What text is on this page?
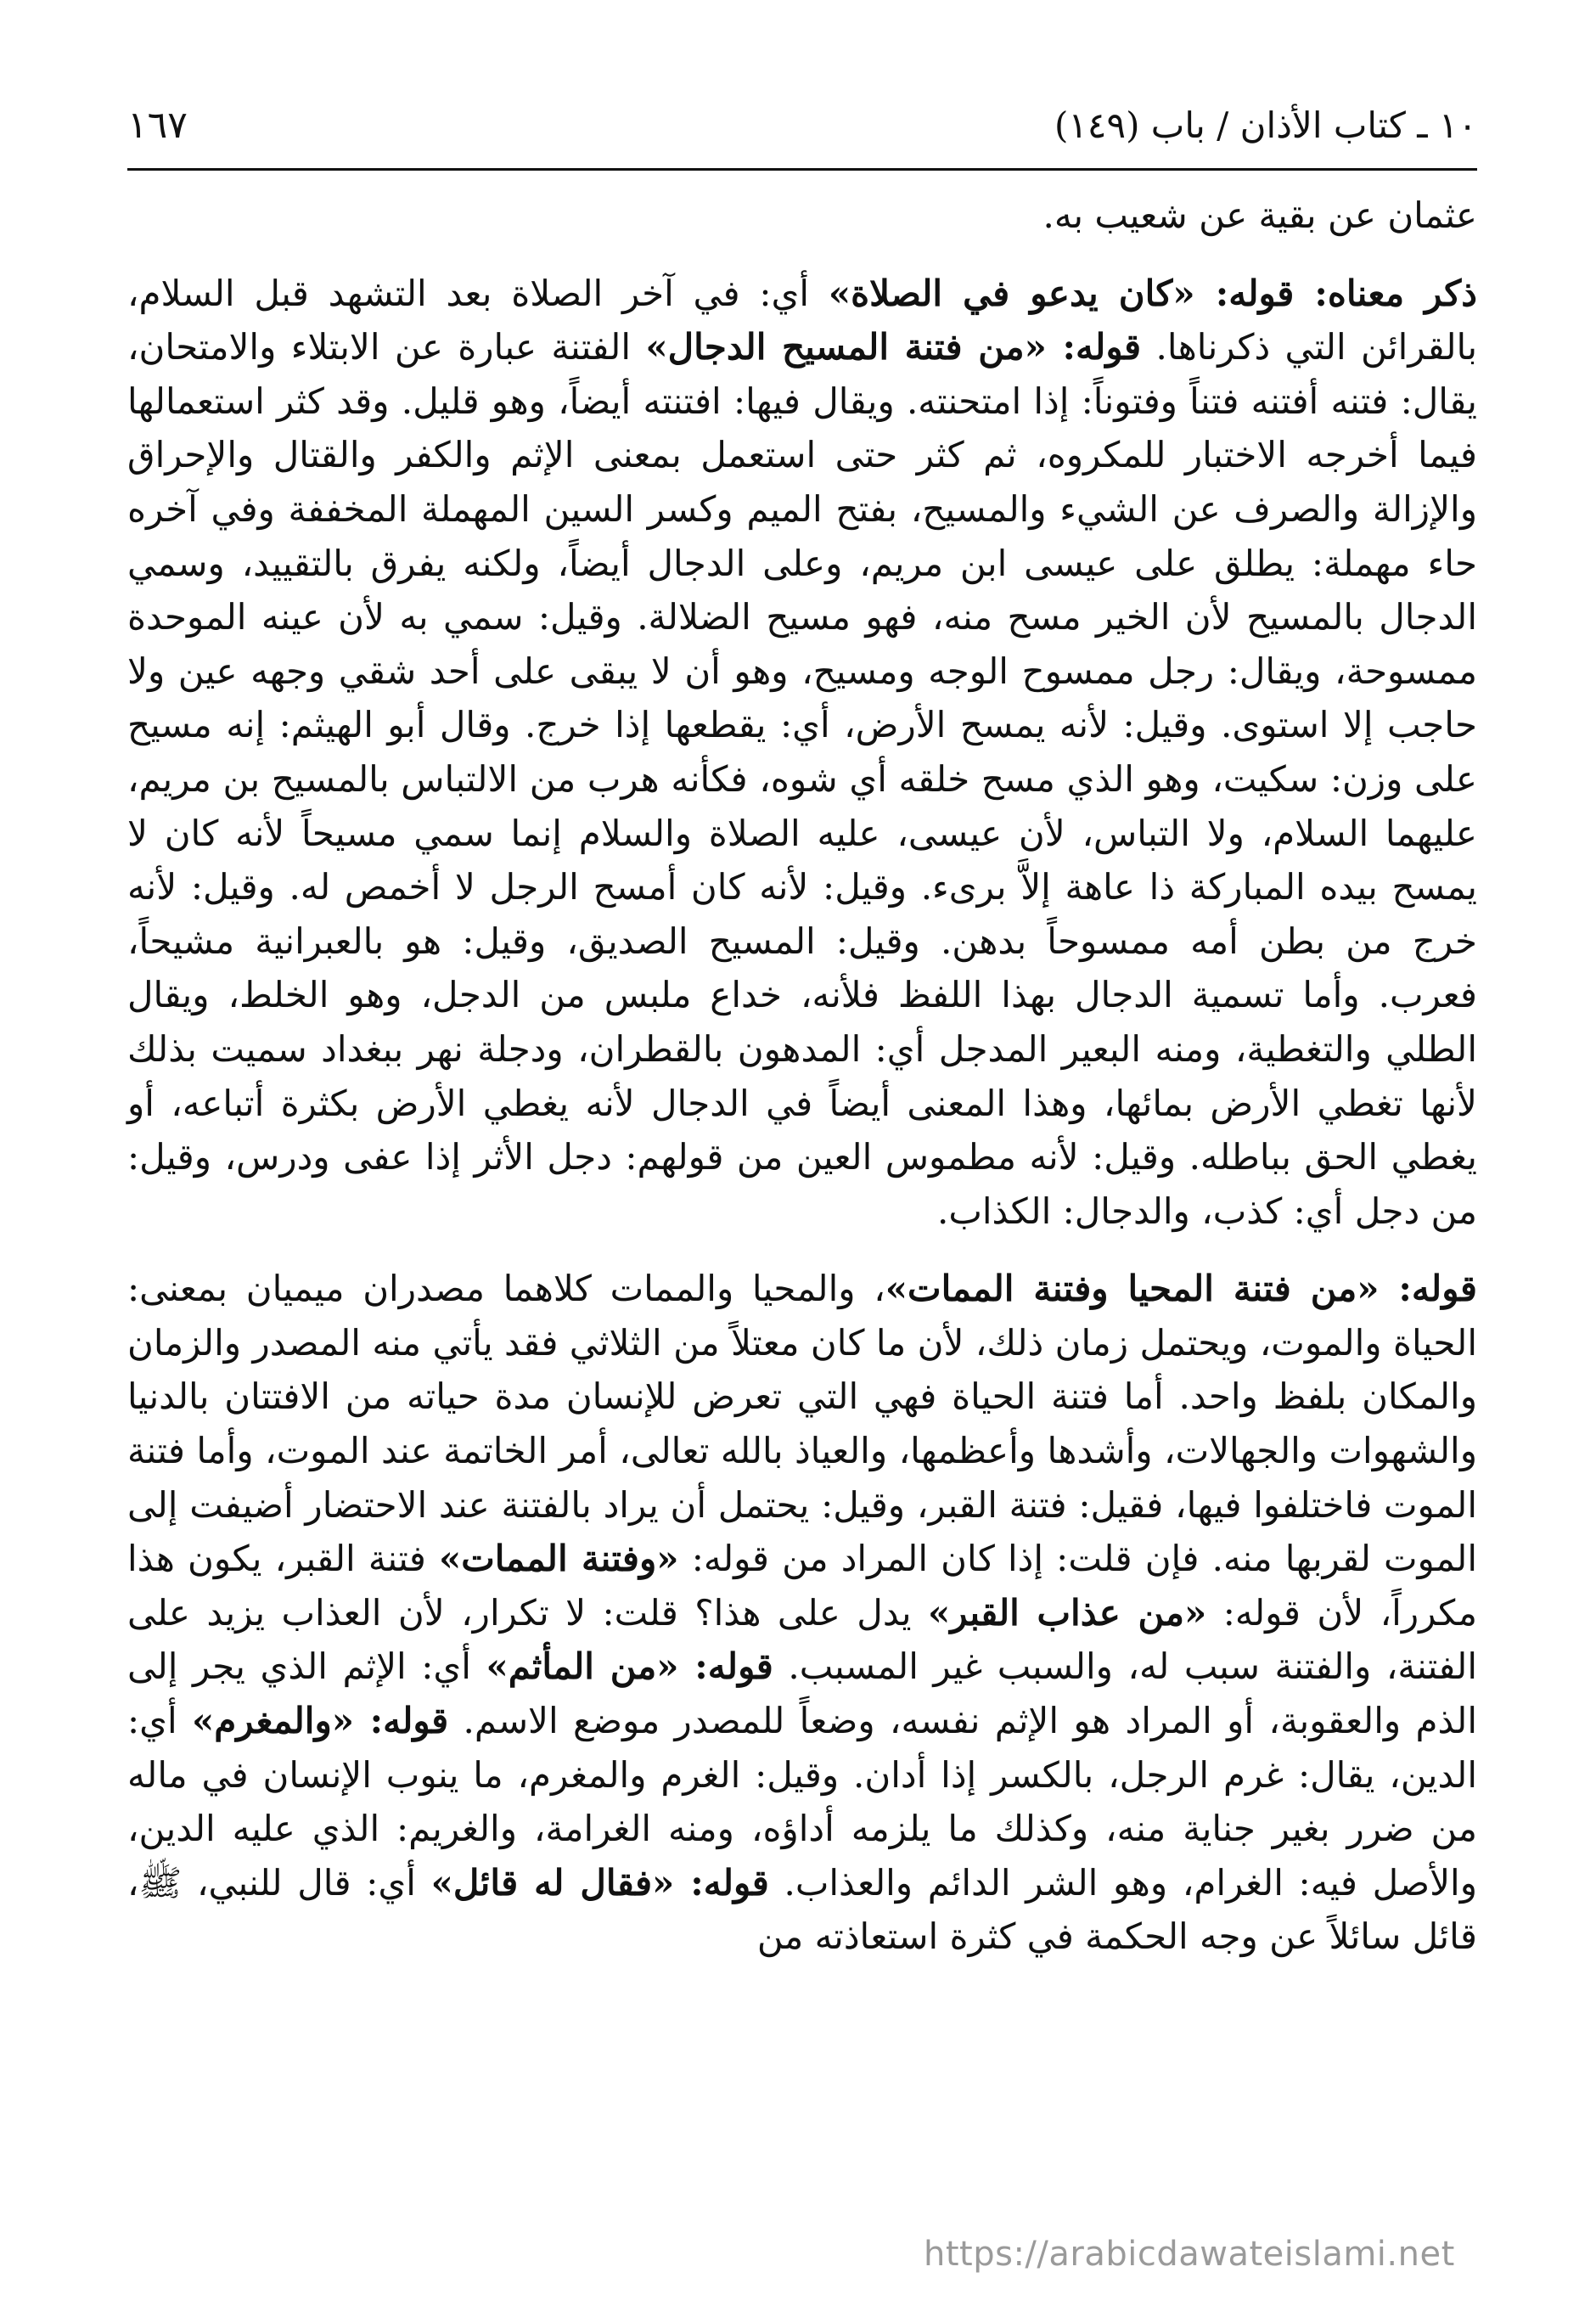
١٠ ـ كتاب الأذان / باب (١٤٩)
١٦٧

عثمان عن بقية عن شعيب به.

ذكر معناه: قوله: «كان يدعو في الصلاة» أي: في آخر الصلاة بعد التشهد قبل السلام، بالقرائن التي ذكرناها. قوله: «من فتنة المسيح الدجال» الفتنة عبارة عن الابتلاء والامتحان، يقال: فتنه أفتنه فتناً وفتوناً: إذا امتحنته. ويقال فيها: افتنته أيضاً، وهو قليل. وقد كثر استعمالها فيما أخرجه الاختبار للمكروه، ثم كثر حتى استعمل بمعنى الإثم والكفر والقتال والإحراق والإزالة والصرف عن الشيء والمسيح، بفتح الميم وكسر السين المهملة المخففة وفي آخره حاء مهملة: يطلق على عيسى ابن مريم، وعلى الدجال أيضاً، ولكنه يفرق بالتقييد، وسمي الدجال بالمسيح لأن الخير مسح منه، فهو مسيح الضلالة. وقيل: سمي به لأن عينه الموحدة ممسوحة، ويقال: رجل ممسوح الوجه ومسيح، وهو أن لا يبقى على أحد شقي وجهه عين ولا حاجب إلا استوى. وقيل: لأنه يمسح الأرض، أي: يقطعها إذا خرج. وقال أبو الهيثم: إنه مسيح على وزن: سكيت، وهو الذي مسح خلقه أي شوه، فكأنه هرب من الالتباس بالمسيح بن مريم، عليهما السلام، ولا التباس، لأن عيسى، عليه الصلاة والسلام إنما سمي مسيحاً لأنه كان لا يمسح بيده المباركة ذا عاهة إلاَّ برىء. وقيل: لأنه كان أمسح الرجل لا أخمص له. وقيل: لأنه خرج من بطن أمه ممسوحاً بدهن. وقيل: المسيح الصديق، وقيل: هو بالعبرانية مشيحاً، فعرب. وأما تسمية الدجال بهذا اللفظ فلأنه، خداع ملبس من الدجل، وهو الخلط، ويقال الطلي والتغطية، ومنه البعير المدجل أي: المدهون بالقطران، ودجلة نهر ببغداد سميت بذلك لأنها تغطي الأرض بمائها، وهذا المعنى أيضاً في الدجال لأنه يغطي الأرض بكثرة أتباعه، أو يغطي الحق بباطله. وقيل: لأنه مطموس العين من قولهم: دجل الأثر إذا عفى ودرس، وقيل: من دجل أي: كذب، والدجال: الكذاب.

قوله: «من فتنة المحيا وفتنة الممات»، والمحيا والممات كلاهما مصدران ميميان بمعنى: الحياة والموت، ويحتمل زمان ذلك، لأن ما كان معتلاً من الثلاثي فقد يأتي منه المصدر والزمان والمكان بلفظ واحد. أما فتنة الحياة فهي التي تعرض للإنسان مدة حياته من الافتتان بالدنيا والشهوات والجهالات، وأشدها وأعظمها، والعياذ بالله تعالى، أمر الخاتمة عند الموت، وأما فتنة الموت فاختلفوا فيها، فقيل: فتنة القبر، وقيل: يحتمل أن يراد بالفتنة عند الاحتضار أضيفت إلى الموت لقربها منه. فإن قلت: إذا كان المراد من قوله: «وفتنة الممات» فتنة القبر، يكون هذا مكرراً، لأن قوله: «من عذاب القبر» يدل على هذا؟ قلت: لا تكرار، لأن العذاب يزيد على الفتنة، والفتنة سبب له، والسبب غير المسبب. قوله: «من المأثم» أي: الإثم الذي يجر إلى الذم والعقوبة، أو المراد هو الإثم نفسه، وضعاً للمصدر موضع الاسم. قوله: «والمغرم» أي: الدين، يقال: غرم الرجل، بالكسر إذا أدان. وقيل: الغرم والمغرم، ما ينوب الإنسان في ماله من ضرر بغير جناية منه، وكذلك ما يلزمه أداؤه، ومنه الغرامة، والغريم: الذي عليه الدين، والأصل فيه: الغرام، وهو الشر الدائم والعذاب. قوله: «فقال له قائل» أي: قال للنبي، ﷺ، قائل سائلاً عن وجه الحكمة في كثرة استعاذته من

https://arabicdawateislami.net
